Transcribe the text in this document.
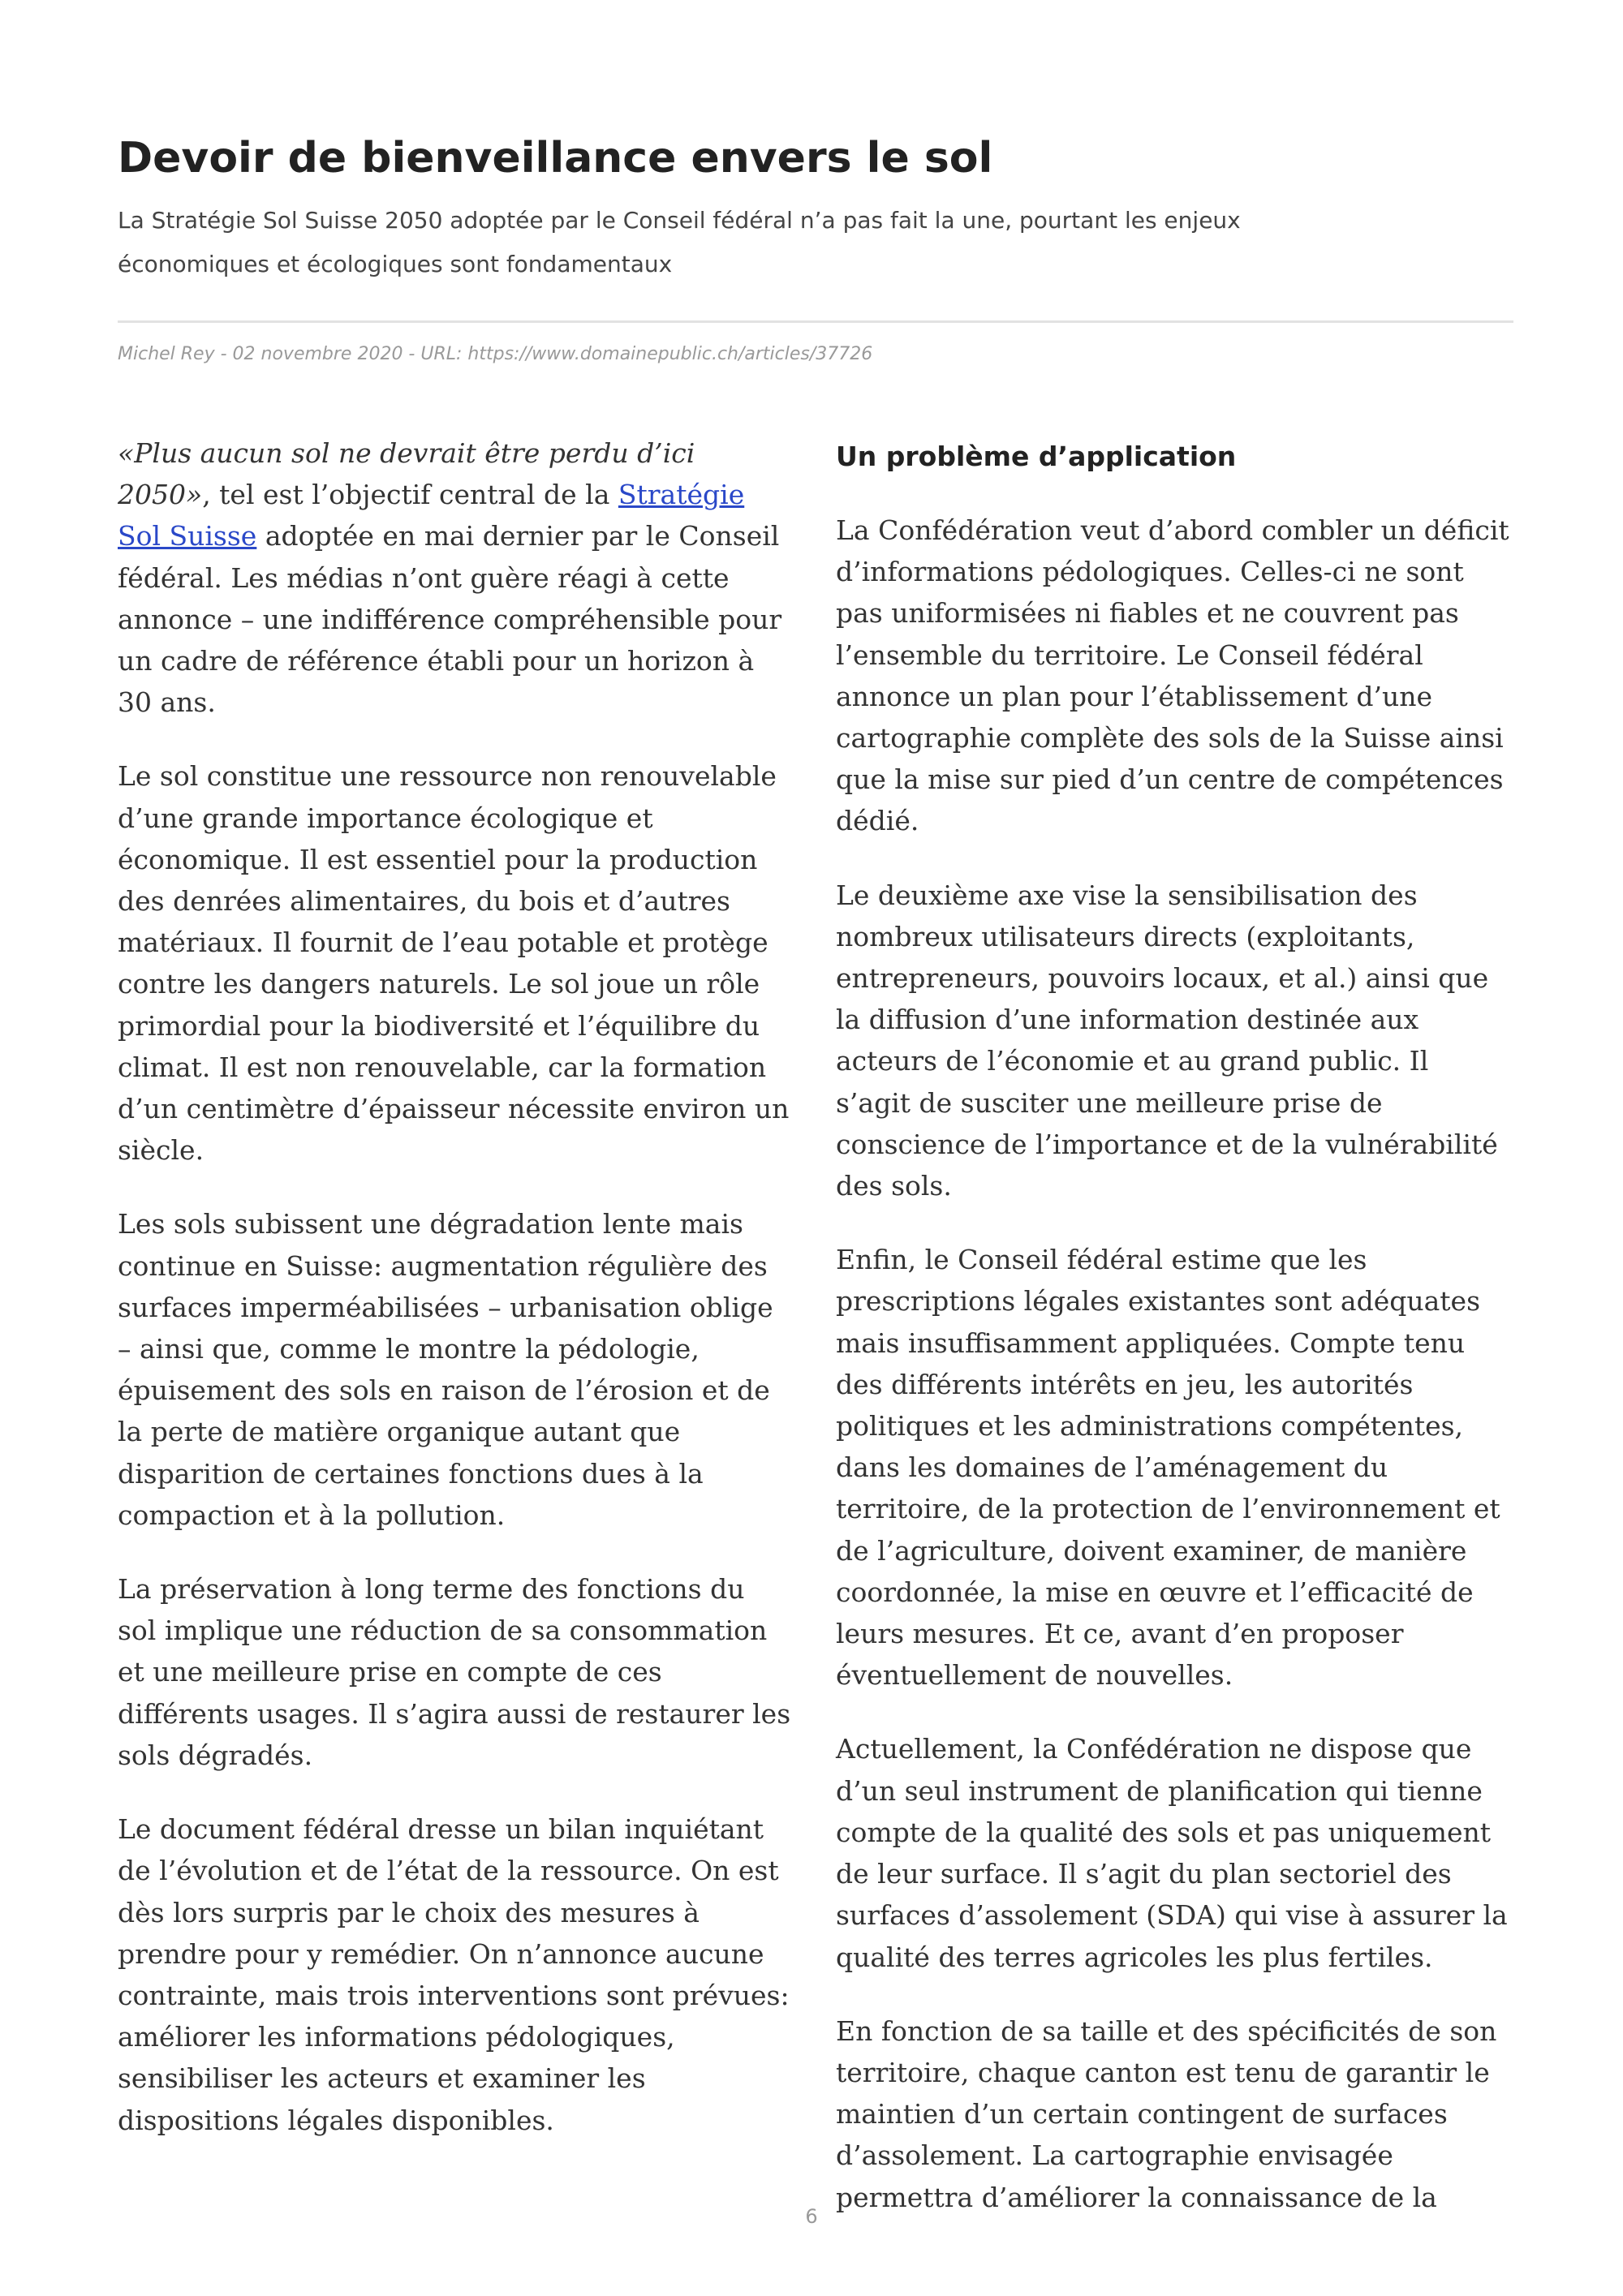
Devoir de bienveillance envers le sol

La Stratégie Sol Suisse 2050 adoptée par le Conseil fédéral n’a pas fait la une, pourtant les enjeux économiques et écologiques sont fondamentaux

Michel Rey - 02 novembre 2020 - URL: https://www.domainepublic.ch/articles/37726

«Plus aucun sol ne devrait être perdu d’ici 2050», tel est l’objectif central de la Stratégie Sol Suisse adoptée en mai dernier par le Conseil fédéral. Les médias n’ont guère réagi à cette annonce – une indifférence compréhensible pour un cadre de référence établi pour un horizon à 30 ans.

Le sol constitue une ressource non renouvelable d’une grande importance écologique et économique. Il est essentiel pour la production des denrées alimentaires, du bois et d’autres matériaux. Il fournit de l’eau potable et protège contre les dangers naturels. Le sol joue un rôle primordial pour la biodiversité et l’équilibre du climat. Il est non renouvelable, car la formation d’un centimètre d’épaisseur nécessite environ un siècle.

Les sols subissent une dégradation lente mais continue en Suisse: augmentation régulière des surfaces imperméabilisées – urbanisation oblige – ainsi que, comme le montre la pédologie, épuisement des sols en raison de l’érosion et de la perte de matière organique autant que disparition de certaines fonctions dues à la compaction et à la pollution.

La préservation à long terme des fonctions du sol implique une réduction de sa consommation et une meilleure prise en compte de ces différents usages. Il s’agira aussi de restaurer les sols dégradés.

Le document fédéral dresse un bilan inquiétant de l’évolution et de l’état de la ressource. On est dès lors surpris par le choix des mesures à prendre pour y remédier. On n’annonce aucune contrainte, mais trois interventions sont prévues: améliorer les informations pédologiques, sensibiliser les acteurs et examiner les dispositions légales disponibles.

Un problème d’application

La Confédération veut d’abord combler un déficit d’informations pédologiques. Celles-ci ne sont pas uniformisées ni fiables et ne couvrent pas l’ensemble du territoire. Le Conseil fédéral annonce un plan pour l’établissement d’une cartographie complète des sols de la Suisse ainsi que la mise sur pied d’un centre de compétences dédié.

Le deuxième axe vise la sensibilisation des nombreux utilisateurs directs (exploitants, entrepreneurs, pouvoirs locaux, et al.) ainsi que la diffusion d’une information destinée aux acteurs de l’économie et au grand public. Il s’agit de susciter une meilleure prise de conscience de l’importance et de la vulnérabilité des sols.

Enfin, le Conseil fédéral estime que les prescriptions légales existantes sont adéquates mais insuffisamment appliquées. Compte tenu des différents intérêts en jeu, les autorités politiques et les administrations compétentes, dans les domaines de l’aménagement du territoire, de la protection de l’environnement et de l’agriculture, doivent examiner, de manière coordonnée, la mise en œuvre et l’efficacité de leurs mesures. Et ce, avant d’en proposer éventuellement de nouvelles.

Actuellement, la Confédération ne dispose que d’un seul instrument de planification qui tienne compte de la qualité des sols et pas uniquement de leur surface. Il s’agit du plan sectoriel des surfaces d’assolement (SDA) qui vise à assurer la qualité des terres agricoles les plus fertiles.

En fonction de sa taille et des spécificités de son territoire, chaque canton est tenu de garantir le maintien d’un certain contingent de surfaces d’assolement. La cartographie envisagée permettra d’améliorer la connaissance de la

6
